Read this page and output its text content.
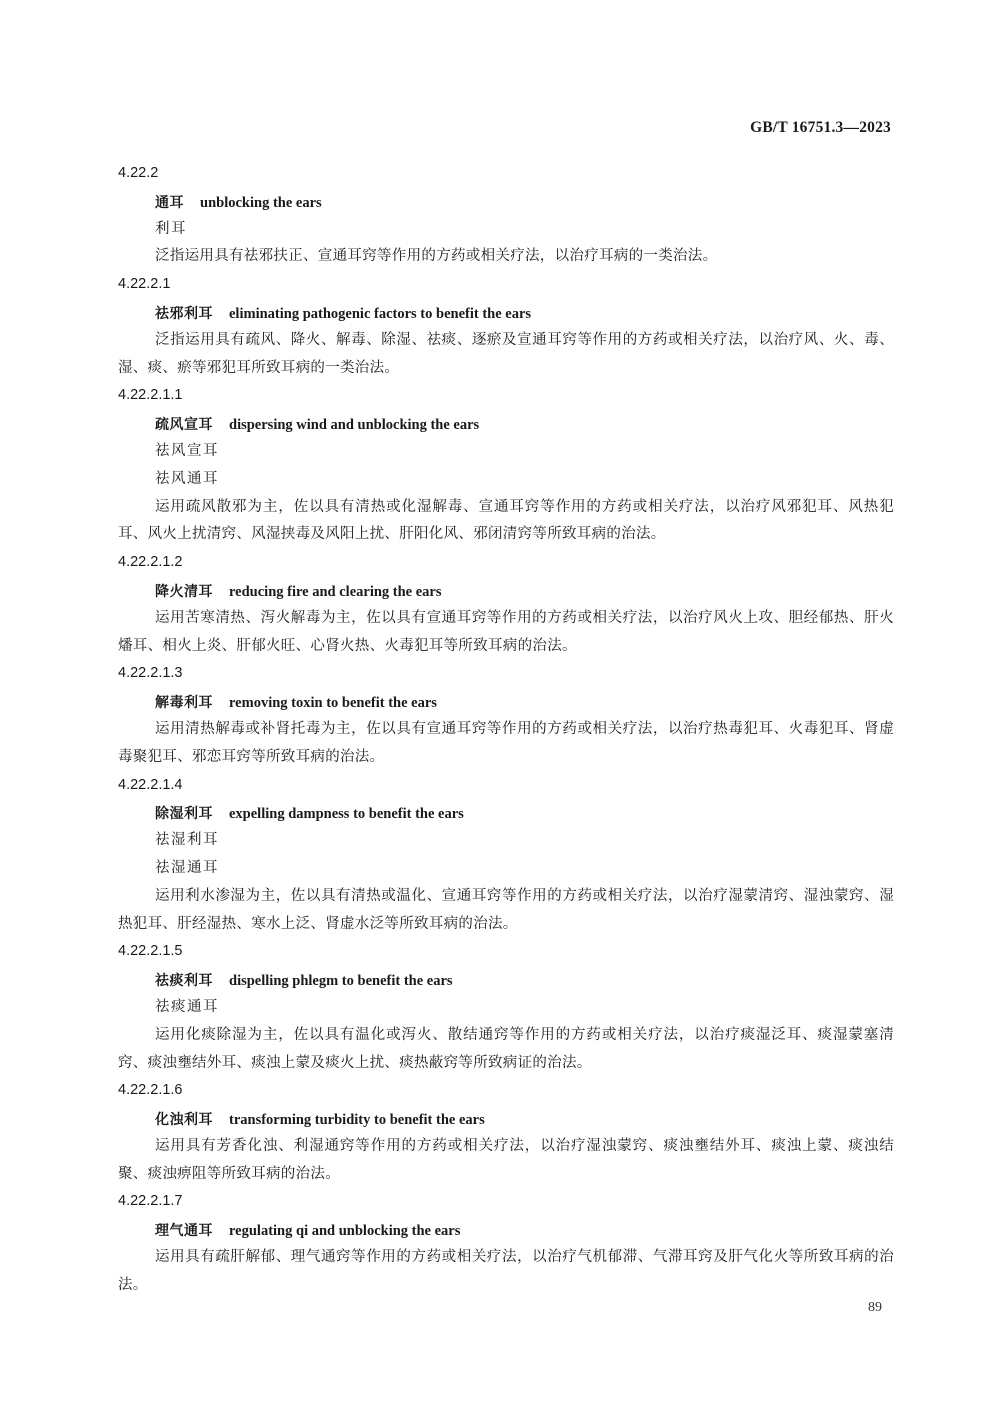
GB/T 16751.3—2023
4.22.2
通耳 unblocking the ears
利耳

泛指运用具有祛邪扶正、宣通耳窍等作用的方药或相关疗法，以治疗耳病的一类治法。

4.22.2.1
祛邪利耳 eliminating pathogenic factors to benefit the ears

泛指运用具有疏风、降火、解毒、除湿、祛痰、逐瘀及宣通耳窍等作用的方药或相关疗法，以治疗风、火、毒、湿、痰、瘀等邪犯耳所致耳病的一类治法。

4.22.2.1.1
疏风宣耳 dispersing wind and unblocking the ears
祛风宣耳
祛风通耳

运用疏风散邪为主，佐以具有清热或化湿解毒、宣通耳窍等作用的方药或相关疗法，以治疗风邪犯耳、风热犯耳、风火上扰清窍、风湿挟毒及风阳上扰、肝阳化风、邪闭清窍等所致耳病的治法。

4.22.2.1.2
降火清耳 reducing fire and clearing the ears

运用苦寒清热、泻火解毒为主，佐以具有宣通耳窍等作用的方药或相关疗法，以治疗风火上攻、胆经郁热、肝火燔耳、相火上炎、肝郁火旺、心肾火热、火毒犯耳等所致耳病的治法。

4.22.2.1.3
解毒利耳 removing toxin to benefit the ears

运用清热解毒或补肾托毒为主，佐以具有宣通耳窍等作用的方药或相关疗法，以治疗热毒犯耳、火毒犯耳、肾虚毒聚犯耳、邪恋耳窍等所致耳病的治法。

4.22.2.1.4
除湿利耳 expelling dampness to benefit the ears
祛湿利耳
祛湿通耳

运用利水渗湿为主，佐以具有清热或温化、宣通耳窍等作用的方药或相关疗法，以治疗湿蒙清窍、湿浊蒙窍、湿热犯耳、肝经湿热、寒水上泛、肾虚水泛等所致耳病的治法。

4.22.2.1.5
祛痰利耳 dispelling phlegm to benefit the ears
祛痰通耳

运用化痰除湿为主，佐以具有温化或泻火、散结通窍等作用的方药或相关疗法，以治疗痰湿泛耳、痰湿蒙塞清窍、痰浊壅结外耳、痰浊上蒙及痰火上扰、痰热蔽窍等所致病证的治法。

4.22.2.1.6
化浊利耳 transforming turbidity to benefit the ears

运用具有芳香化浊、利湿通窍等作用的方药或相关疗法，以治疗湿浊蒙窍、痰浊壅结外耳、痰浊上蒙、痰浊结聚、痰浊痹阻等所致耳病的治法。

4.22.2.1.7
理气通耳 regulating qi and unblocking the ears

运用具有疏肝解郁、理气通窍等作用的方药或相关疗法，以治疗气机郁滞、气滞耳窍及肝气化火等所致耳病的治法。

89
